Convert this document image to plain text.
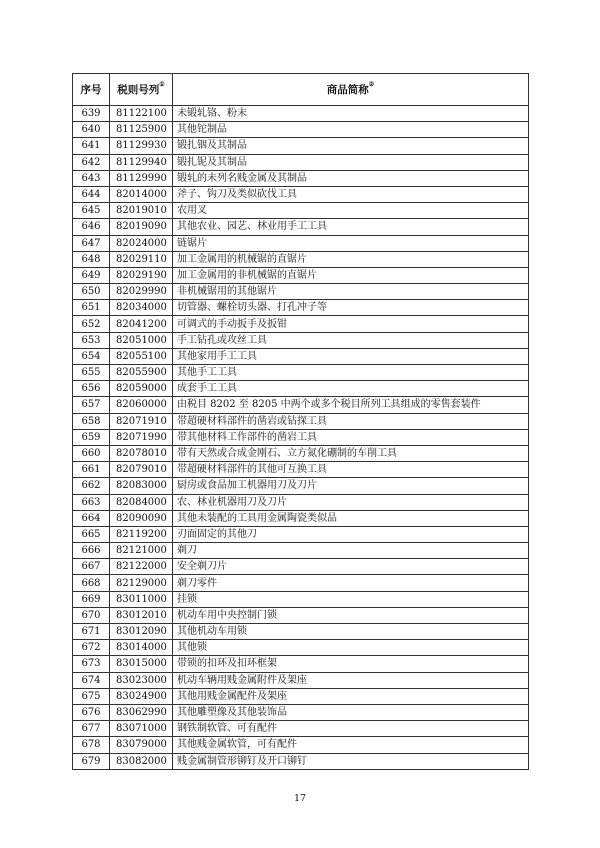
序号	税则号列①	商品简称②
639	81122100	未锻轧铬、粉末
640	81125900	其他铊制品
641	81129930	锻扎铟及其制品
642	81129940	锻扎铌及其制品
643	81129990	锻轧的未列名贱金属及其制品
644	82014000	斧子、钩刀及类似砍伐工具
645	82019010	农用叉
646	82019090	其他农业、园艺、林业用手工工具
647	82024000	链锯片
648	82029110	加工金属用的机械锯的直锯片
649	82029190	加工金属用的非机械锯的直锯片
650	82029990	非机械锯用的其他锯片
651	82034000	切管器、螺栓切头器、打孔冲子等
652	82041200	可调式的手动扳手及扳钳
653	82051000	手工钻孔或攻丝工具
654	82055100	其他家用手工工具
655	82055900	其他手工工具
656	82059000	成套手工工具
657	82060000	由税目 8202 至 8205 中两个或多个税目所列工具组成的零售套装件
658	82071910	带超硬材料部件的凿岩或钻探工具
659	82071990	带其他材料工作部件的凿岩工具
660	82078010	带有天然或合成金刚石、立方氮化硼制的车削工具
661	82079010	带超硬材料部件的其他可互换工具
662	82083000	厨房或食品加工机器用刀及刀片
663	82084000	农、林业机器用刀及刀片
664	82090090	其他未装配的工具用金属陶瓷类似品
665	82119200	刃面固定的其他刀
666	82121000	剃刀
667	82122000	安全剃刀片
668	82129000	剃刀零件
669	83011000	挂锁
670	83012010	机动车用中央控制门锁
671	83012090	其他机动车用锁
672	83014000	其他锁
673	83015000	带锁的扣环及扣环框架
674	83023000	机动车辆用贱金属附件及架座
675	83024900	其他用贱金属配件及架座
676	83062990	其他雕塑像及其他装饰品
677	83071000	钢铁制软管、可有配件
678	83079000	其他贱金属软管，可有配件
679	83082000	贱金属制管形铆钉及开口铆钉
17
